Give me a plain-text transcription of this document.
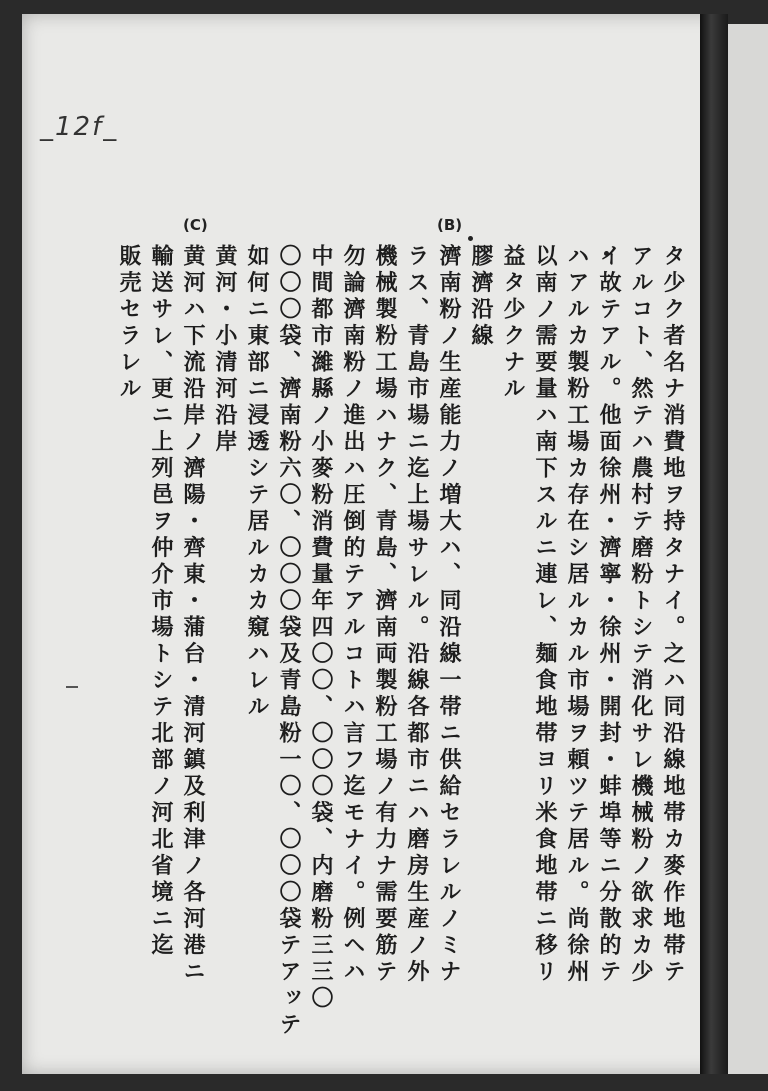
_12f_
(B)
(C)
タ少ク者名ナ消費地ヲ持タナイ。之ハ同沿線地帯カ麥作地帯テ
アルコト、然テハ農村テ磨粉トシテ消化サレ機械粉ノ欲求カ少
イ故テアル。他面徐州・濟寧・徐州・開封・蚌埠等ニ分散的テ
ハアルカ製粉工場カ存在シ居ルカル市場ヲ頼ツテ居ル。尚徐州
以南ノ需要量ハ南下スルニ連レ、麺食地帯ヨリ米食地帯ニ移リ
益タ少クナル
膠濟沿線
濟南粉ノ生産能力ノ増大ハ、同沿線一帯ニ供給セラレルノミナ
ラス、青島市場ニ迄上場サレル。沿線各都市ニハ磨房生産ノ外
機械製粉工場ハナク、青島、濟南両製粉工場ノ有力ナ需要筋テ
勿論濟南粉ノ進出ハ圧倒的テアルコトハ言フ迄モナイ。例ヘハ
中間都市濰縣ノ小麥粉消費量年四〇〇、〇〇〇袋、内磨粉三三〇
〇〇〇袋、濟南粉六〇、〇〇〇袋及青島粉一〇、〇〇〇袋テアッテ
如何ニ東部ニ浸透シテ居ルカカ窺ハレル
黄河・小清河沿岸
黄河ハ下流沿岸ノ濟陽・齊東・蒲台・清河鎮及利津ノ各河港ニ
輸送サレ、更ニ上列邑ヲ仲介市場トシテ北部ノ河北省境ニ迄
販売セラレル
